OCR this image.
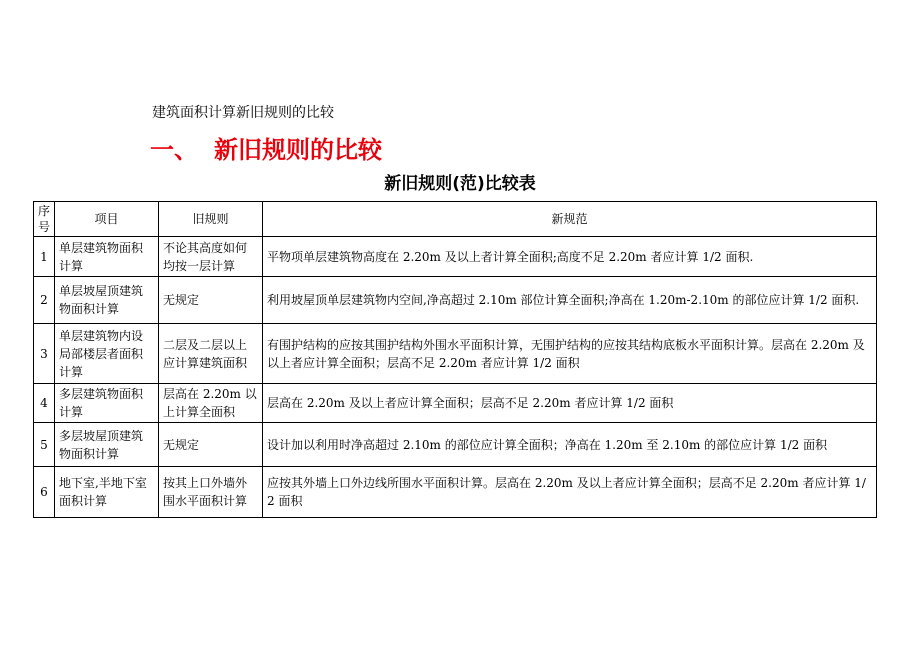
建筑面积计算新旧规则的比较
一、 新旧规则的比较
新旧规则(范)比较表
序号	项目	旧规则	新规范
1	单层建筑物面积计算	不论其高度如何均按一层计算	平物项单层建筑物高度在 2.20m 及以上者计算全面积;高度不足 2.20m 者应计算 1/2 面积.
2	单层坡屋顶建筑物面积计算	无规定	利用坡屋顶单层建筑物内空间,净高超过 2.10m 部位计算全面积;净高在 1.20m-2.10m 的部位应计算 1/2 面积.
3	单层建筑物内设局部楼层者面积计算	二层及二层以上应计算建筑面积	有围护结构的应按其围护结构外围水平面积计算，无围护结构的应按其结构底板水平面积计算。层高在 2.20m 及以上者应计算全面积；层高不足 2.20m 者应计算 1/2 面积
4	多层建筑物面积计算	层高在 2.20m 以上计算全面积	层高在 2.20m 及以上者应计算全面积；层高不足 2.20m 者应计算 1/2 面积
5	多层坡屋顶建筑物面积计算	无规定	设计加以利用时净高超过 2.10m 的部位应计算全面积；净高在 1.20m 至 2.10m 的部位应计算 1/2 面积
6	地下室,半地下室面积计算	按其上口外墙外围水平面积计算	应按其外墙上口外边线所围水平面积计算。层高在 2.20m 及以上者应计算全面积；层高不足 2.20m 者应计算 1/2 面积
